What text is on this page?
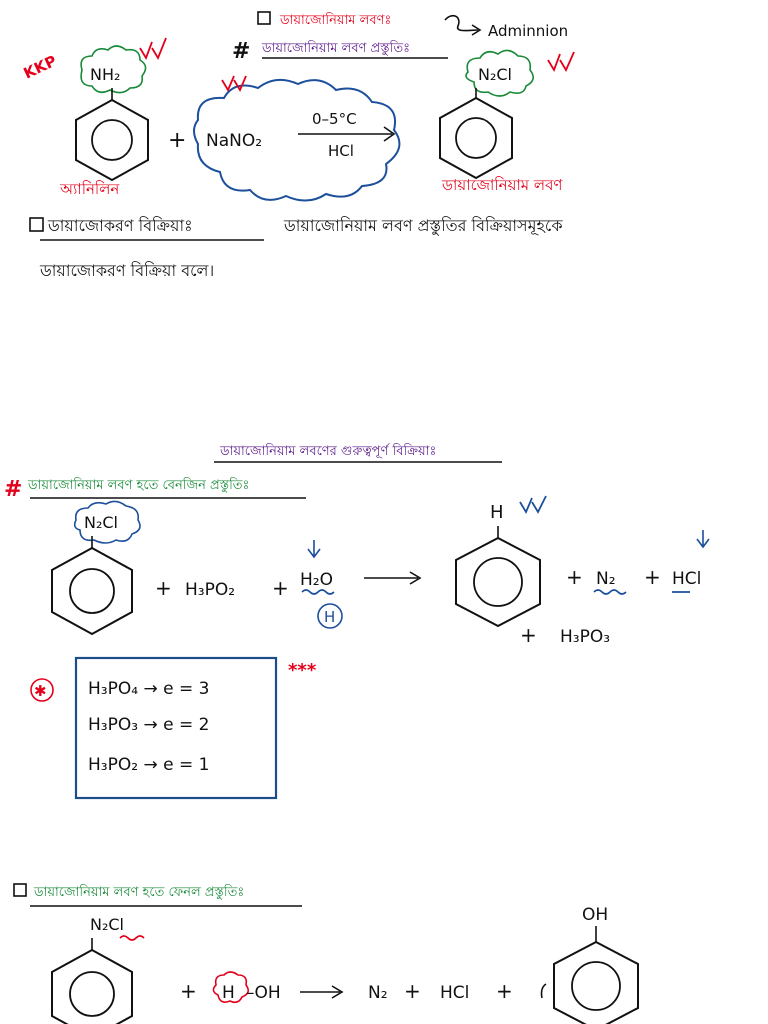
ডায়াজোনিয়াম লবণঃ
Adminnion
# ডায়াজোনিয়াম লবণ প্রস্তুতিঃ
KKP NH₂
+ NaNO₂
0–5°C
HCl
N₂Cl
অ্যানিলিন	ডায়াজোনিয়াম লবণ
ডায়াজোকরণ বিক্রিয়াঃ	ডায়াজোনিয়াম লবণ প্রস্তুতির বিক্রিয়াসমূহকে
ডায়াজোকরণ বিক্রিয়া বলে।
ডায়াজোনিয়াম লবণের গুরুত্বপূর্ণ বিক্রিয়াঃ
# ডায়াজোনিয়াম লবণ হতে বেনজিন প্রস্তুতিঃ
N₂Cl
+ H₃PO₂ + H₂O
H
H
+ N₂ + HCl
+ H₃PO₃
✱
***
H₃PO₄ → e = 3
H₃PO₃ → e = 2
H₃PO₂ → e = 1
ডায়াজোনিয়াম লবণ হতে ফেনল প্রস্তুতিঃ
N₂Cl
+ H –OH	N₂ + HCl +
OH
